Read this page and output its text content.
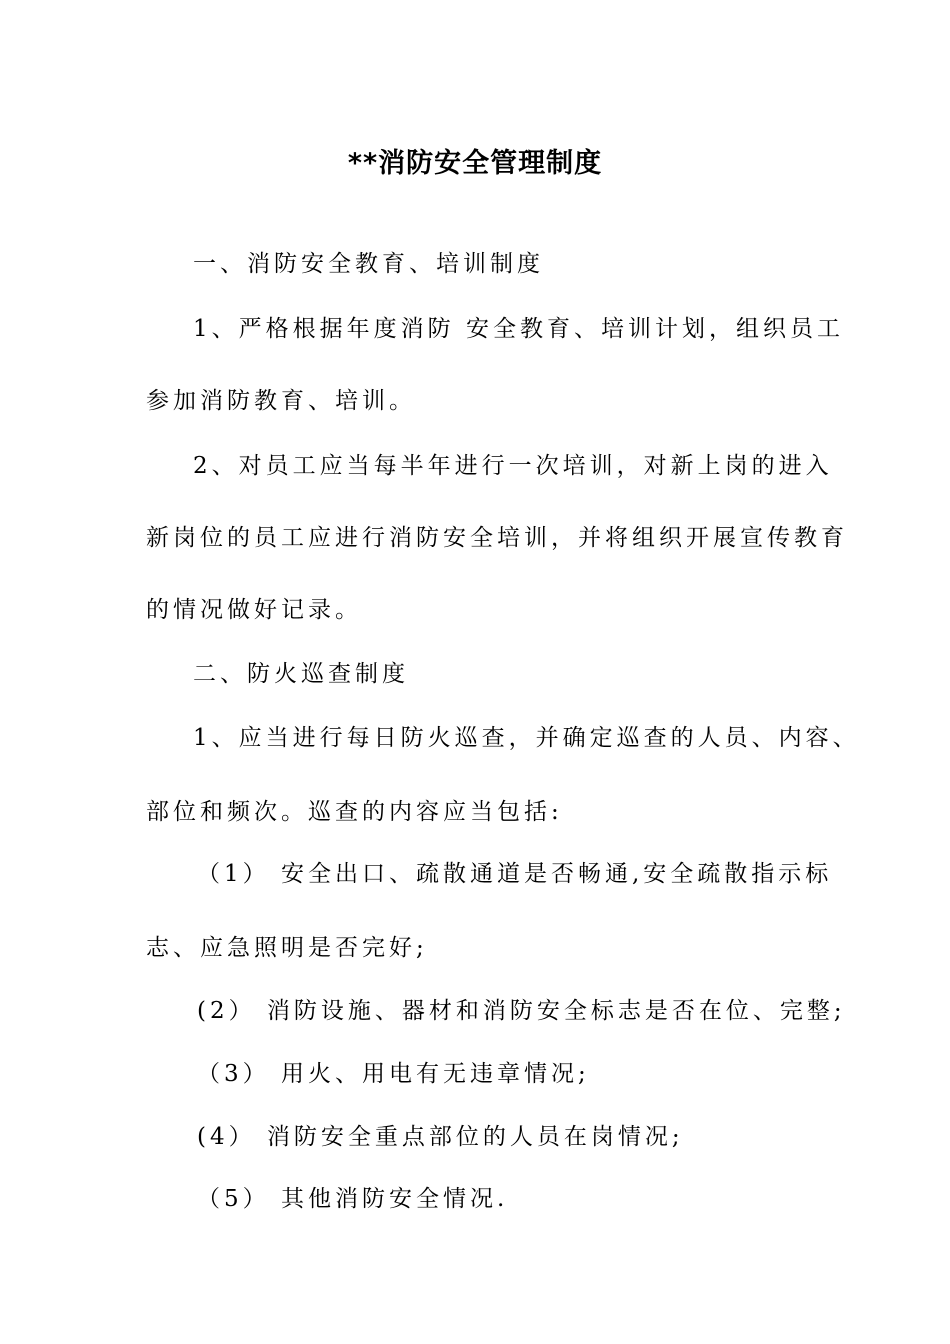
**消防安全管理制度
一、消防安全教育、培训制度
1、严格根据年度消防 安全教育、培训计划，组织员工
参加消防教育、培训。
2、对员工应当每半年进行一次培训，对新上岗的进入
新岗位的员工应进行消防安全培训，并将组织开展宣传教育
的情况做好记录。
二、防火巡查制度
1、应当进行每日防火巡查，并确定巡查的人员、内容、
部位和频次。巡查的内容应当包括:
（1） 安全出口、疏散通道是否畅通,安全疏散指示标
志、应急照明是否完好;
(2） 消防设施、器材和消防安全标志是否在位、完整;
（3） 用火、用电有无违章情况;
(4） 消防安全重点部位的人员在岗情况;
（5） 其他消防安全情况.
